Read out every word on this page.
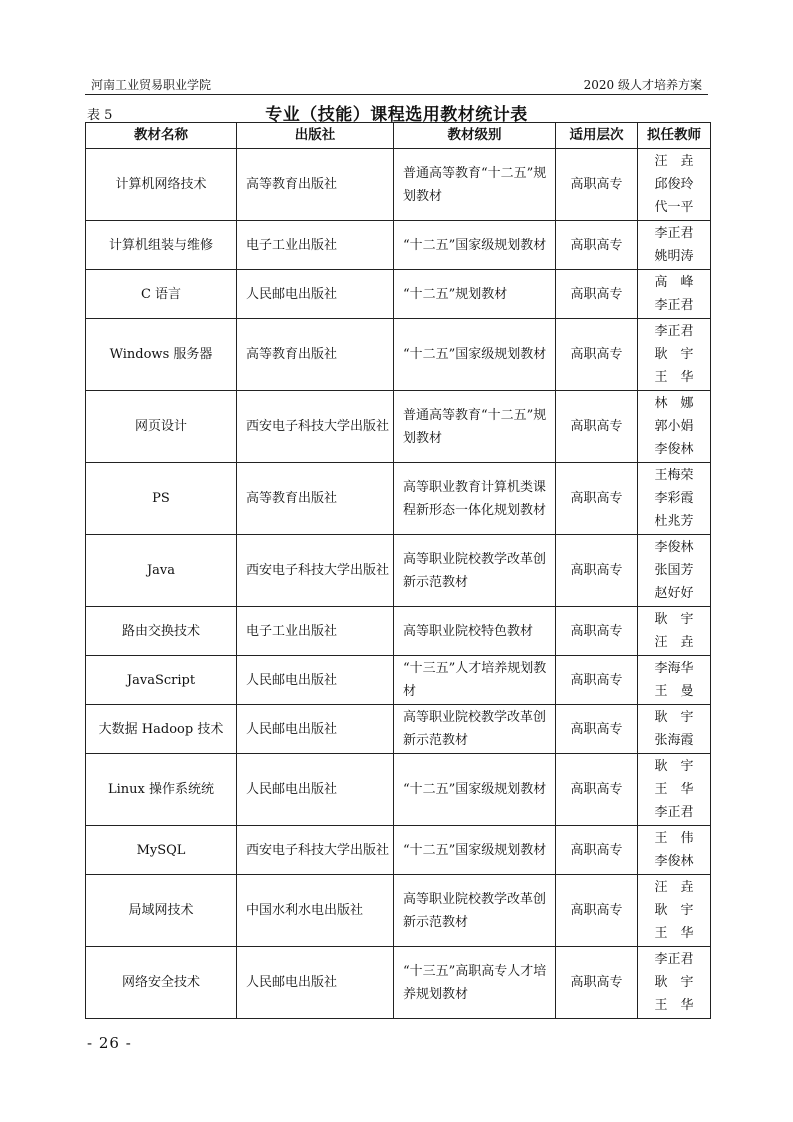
河南工业贸易职业学院	2020 级人才培养方案
表 5	专业（技能）课程选用教材统计表
教材名称	出版社	教材级别	适用层次	拟任教师
计算机网络技术	高等教育出版社	普通高等教育“十二五”规划教材	高职高专	汪　垚
邱俊玲
代一平

计算机组装与维修	电子工业出版社	“十二五”国家级规划教材	高职高专	李正君
姚明涛

C 语言	人民邮电出版社	“十二五”规划教材	高职高专	高　峰
李正君

Windows 服务器	高等教育出版社	“十二五”国家级规划教材	高职高专	李正君
耿　宇
王　华

网页设计	西安电子科技大学出版社	普通高等教育“十二五”规划教材	高职高专	林　娜
郭小娟
李俊林

PS	高等教育出版社	高等职业教育计算机类课程新形态一体化规划教材	高职高专	王梅荣
李彩霞
杜兆芳

Java	西安电子科技大学出版社	高等职业院校教学改革创新示范教材	高职高专	李俊林
张国芳
赵好好

路由交换技术	电子工业出版社	高等职业院校特色教材	高职高专	耿　宇
汪　垚

JavaScript	人民邮电出版社	“十三五”人才培养规划教材	高职高专	李海华
王　曼

大数据 Hadoop 技术	人民邮电出版社	高等职业院校教学改革创新示范教材	高职高专	耿　宇
张海霞

Linux 操作系统统	人民邮电出版社	“十二五”国家级规划教材	高职高专	耿　宇
王　华
李正君

MySQL	西安电子科技大学出版社	“十二五”国家级规划教材	高职高专	王　伟
李俊林

局域网技术	中国水利水电出版社	高等职业院校教学改革创新示范教材	高职高专	汪　垚
耿　宇
王　华

网络安全技术	人民邮电出版社	“十三五”高职高专人才培养规划教材	高职高专	李正君
耿　宇
王　华
- 26 -
